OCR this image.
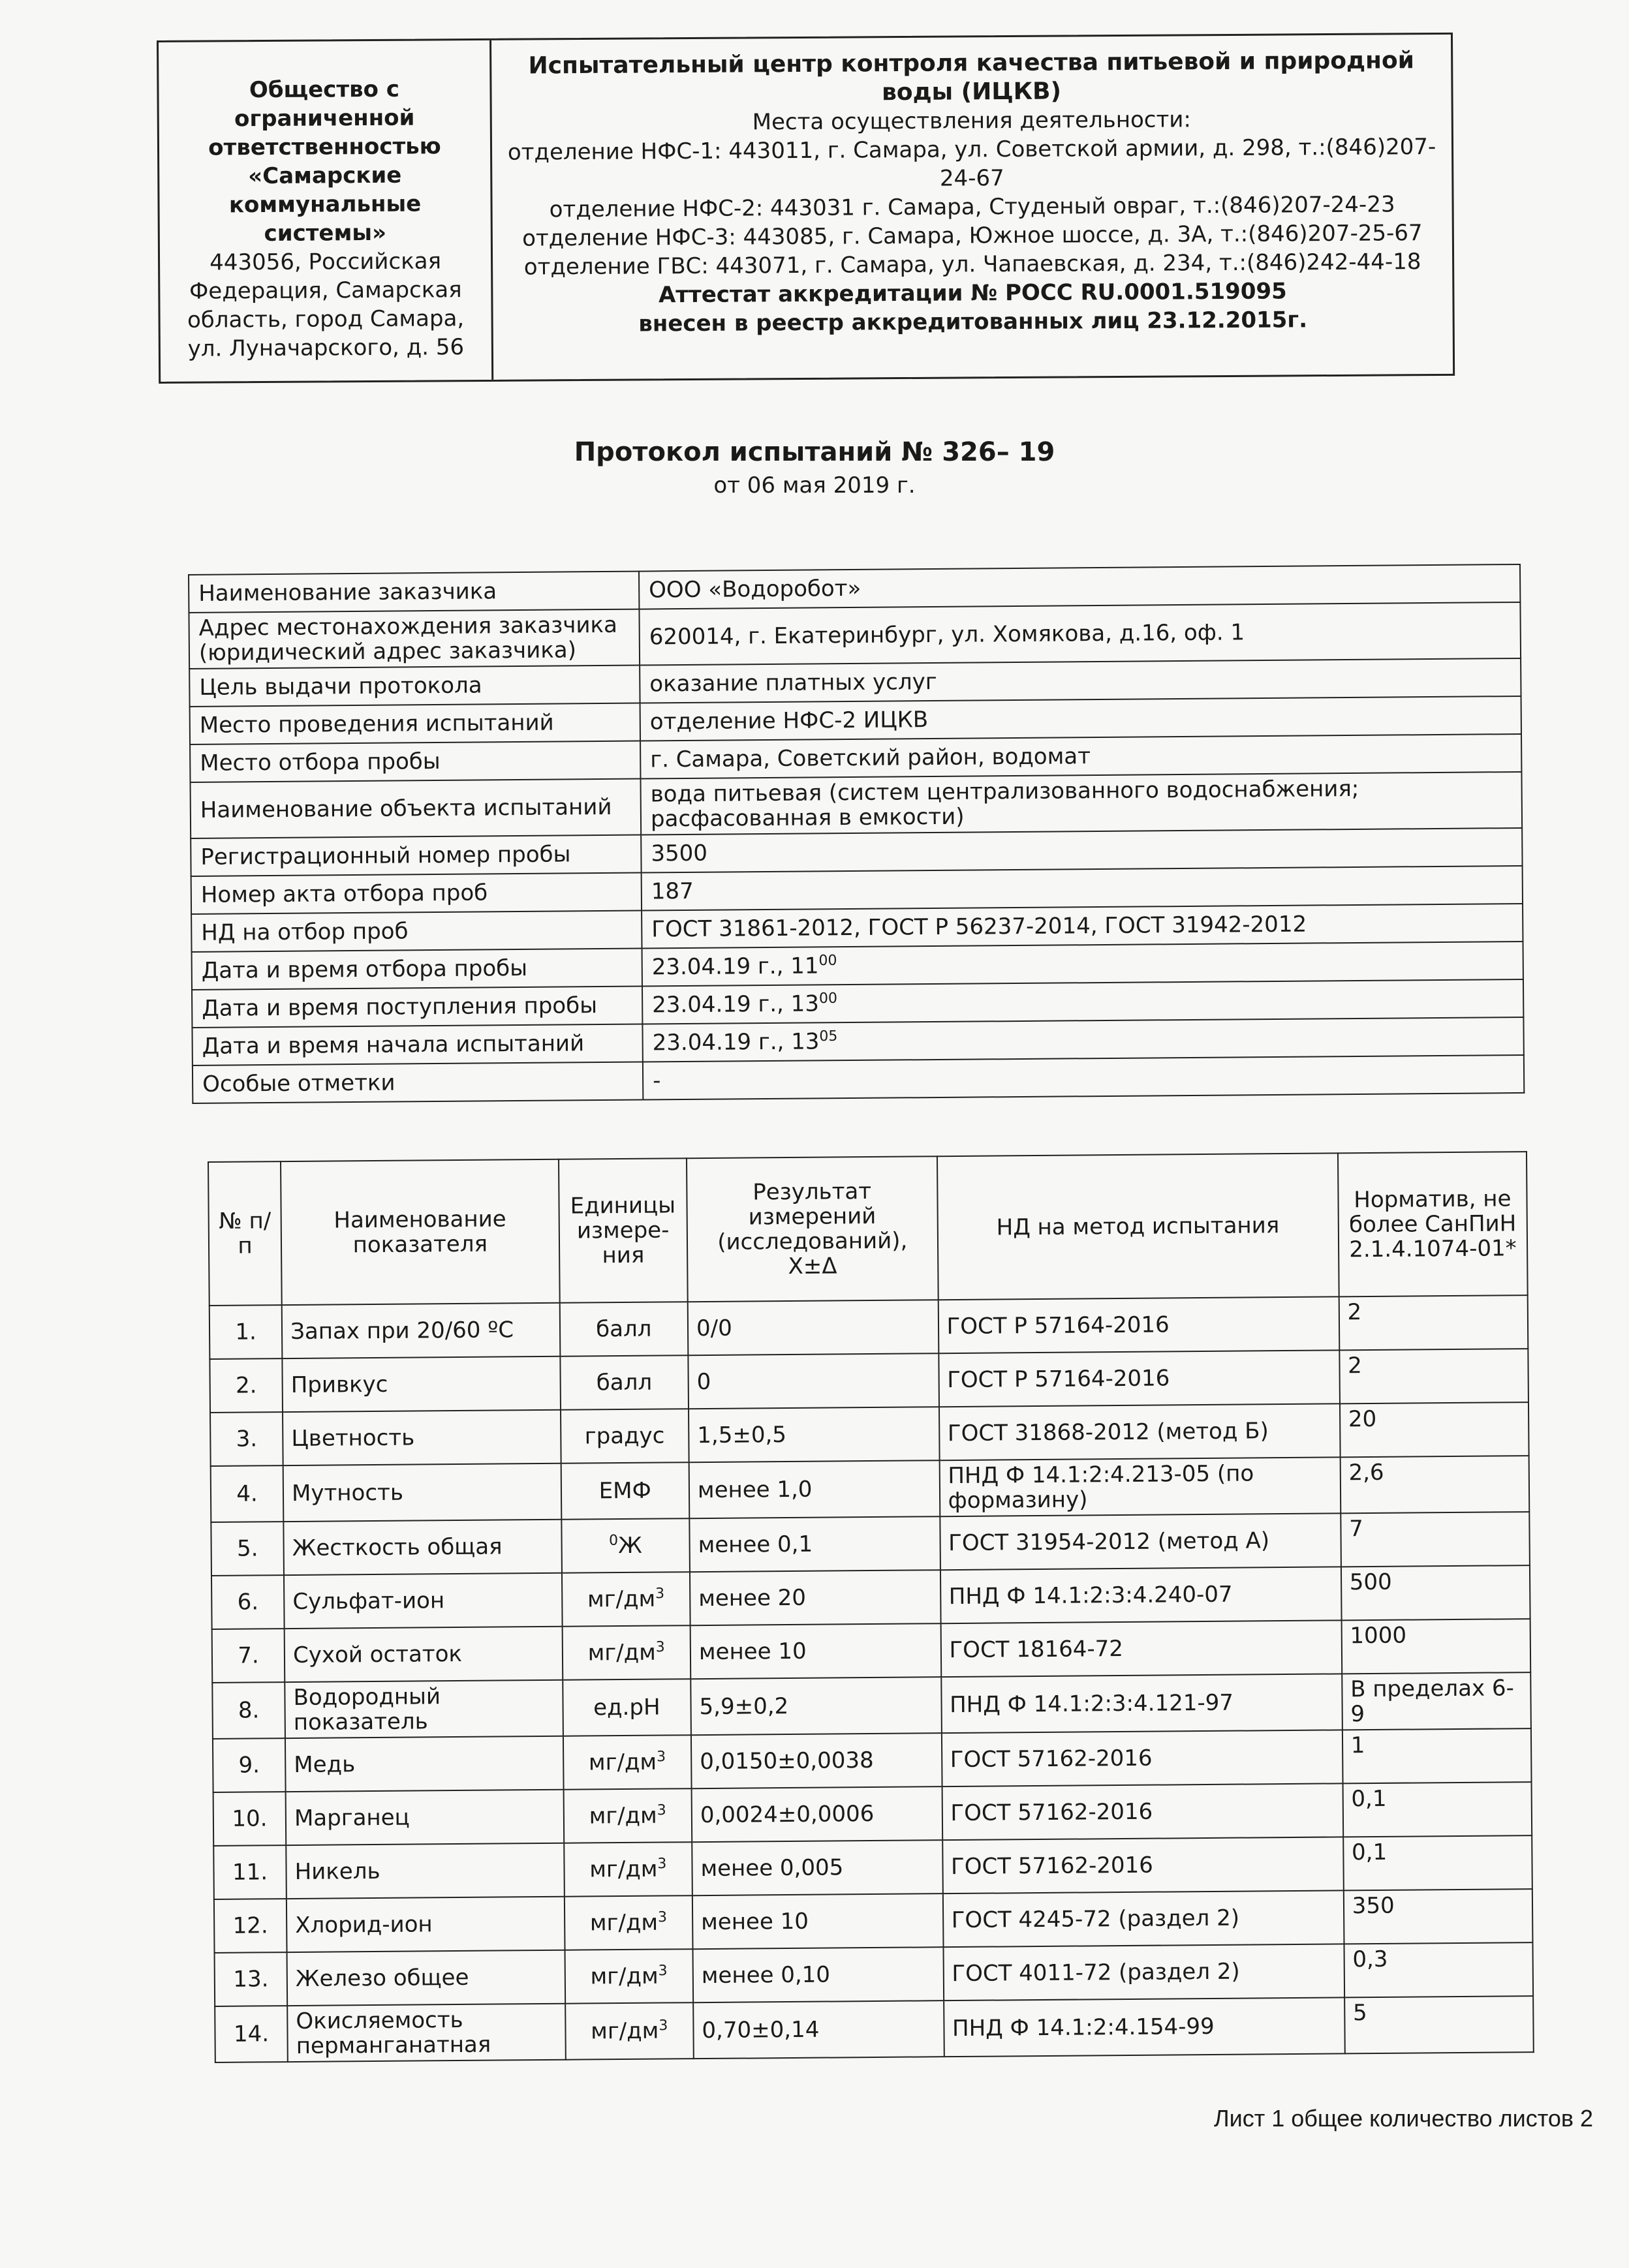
Общество с
ограниченной
ответственностью
«Самарские
коммунальные
системы»
443056, Российская
Федерация, Самарская
область, город Самара,
ул. Луначарского, д. 56
Испытательный центр контроля качества питьевой и природной
воды (ИЦКВ)
Места осуществления деятельности:
отделение НФС-1: 443011, г. Самара, ул. Советской армии, д. 298, т.:(846)207-24-67
отделение НФС-2: 443031 г. Самара, Студеный овраг, т.:(846)207-24-23
отделение НФС-3: 443085, г. Самара, Южное шоссе, д. 3А, т.:(846)207-25-67
отделение ГВС: 443071, г. Самара, ул. Чапаевская, д. 234, т.:(846)242-44-18
Аттестат аккредитации № РОСС RU.0001.519095
внесен в реестр аккредитованных лиц 23.12.2015г.
Протокол испытаний № 326– 19
от 06 мая 2019 г.
Наименование заказчика	ООО «Водоробот»
Адрес местонахождения заказчика (юридический адрес заказчика)	620014, г. Екатеринбург, ул. Хомякова, д.16, оф. 1
Цель выдачи протокола	оказание платных услуг
Место проведения испытаний	отделение НФС-2 ИЦКВ
Место отбора пробы	г. Самара, Советский район, водомат
Наименование объекта испытаний	вода питьевая (систем централизованного водоснабжения; расфасованная в емкости)
Регистрационный номер пробы	3500
Номер акта отбора проб	187
НД на отбор проб	ГОСТ 31861-2012, ГОСТ Р 56237-2014, ГОСТ 31942-2012
Дата и время отбора пробы	23.04.19 г., $11^{00}$
Дата и время поступления пробы	23.04.19 г., $13^{00}$
Дата и время начала испытаний	23.04.19 г., $13^{05}$
Особые отметки	-
№ п/п	Наименование показателя	Единицы измере- ния	Результат измерений (исследований), X±Δ	НД на метод испытания	Норматив, не более СанПиН 2.1.4.1074-01*
1.	Запах при 20/60 ºС	балл	0/0	ГОСТ Р 57164-2016	2
2.	Привкус	балл	0	ГОСТ Р 57164-2016	2
3.	Цветность	градус	1,5±0,5	ГОСТ 31868-2012 (метод Б)	20
4.	Мутность	ЕМФ	менее 1,0	ПНД Ф 14.1:2:4.213-05 (по формазину)	2,6
5.	Жесткость общая	$^0$Ж	менее 0,1	ГОСТ 31954-2012 (метод А)	7
6.	Сульфат-ион	$мг/дм^3$	менее 20	ПНД Ф 14.1:2:3:4.240-07	500
7.	Сухой остаток	$мг/дм^3$	менее 10	ГОСТ 18164-72	1000
8.	Водородный показатель	ед.рН	5,9±0,2	ПНД Ф 14.1:2:3:4.121-97	В пределах 6-9
9.	Медь	$мг/дм^3$	0,0150±0,0038	ГОСТ 57162-2016	1
10.	Марганец	$мг/дм^3$	0,0024±0,0006	ГОСТ 57162-2016	0,1
11.	Никель	$мг/дм^3$	менее 0,005	ГОСТ 57162-2016	0,1
12.	Хлорид-ион	$мг/дм^3$	менее 10	ГОСТ 4245-72 (раздел 2)	350
13.	Железо общее	$мг/дм^3$	менее 0,10	ГОСТ 4011-72 (раздел 2)	0,3
14.	Окисляемость перманганатная	$мг/дм^3$	0,70±0,14	ПНД Ф 14.1:2:4.154-99	5
Лист 1 общее количество листов 2
